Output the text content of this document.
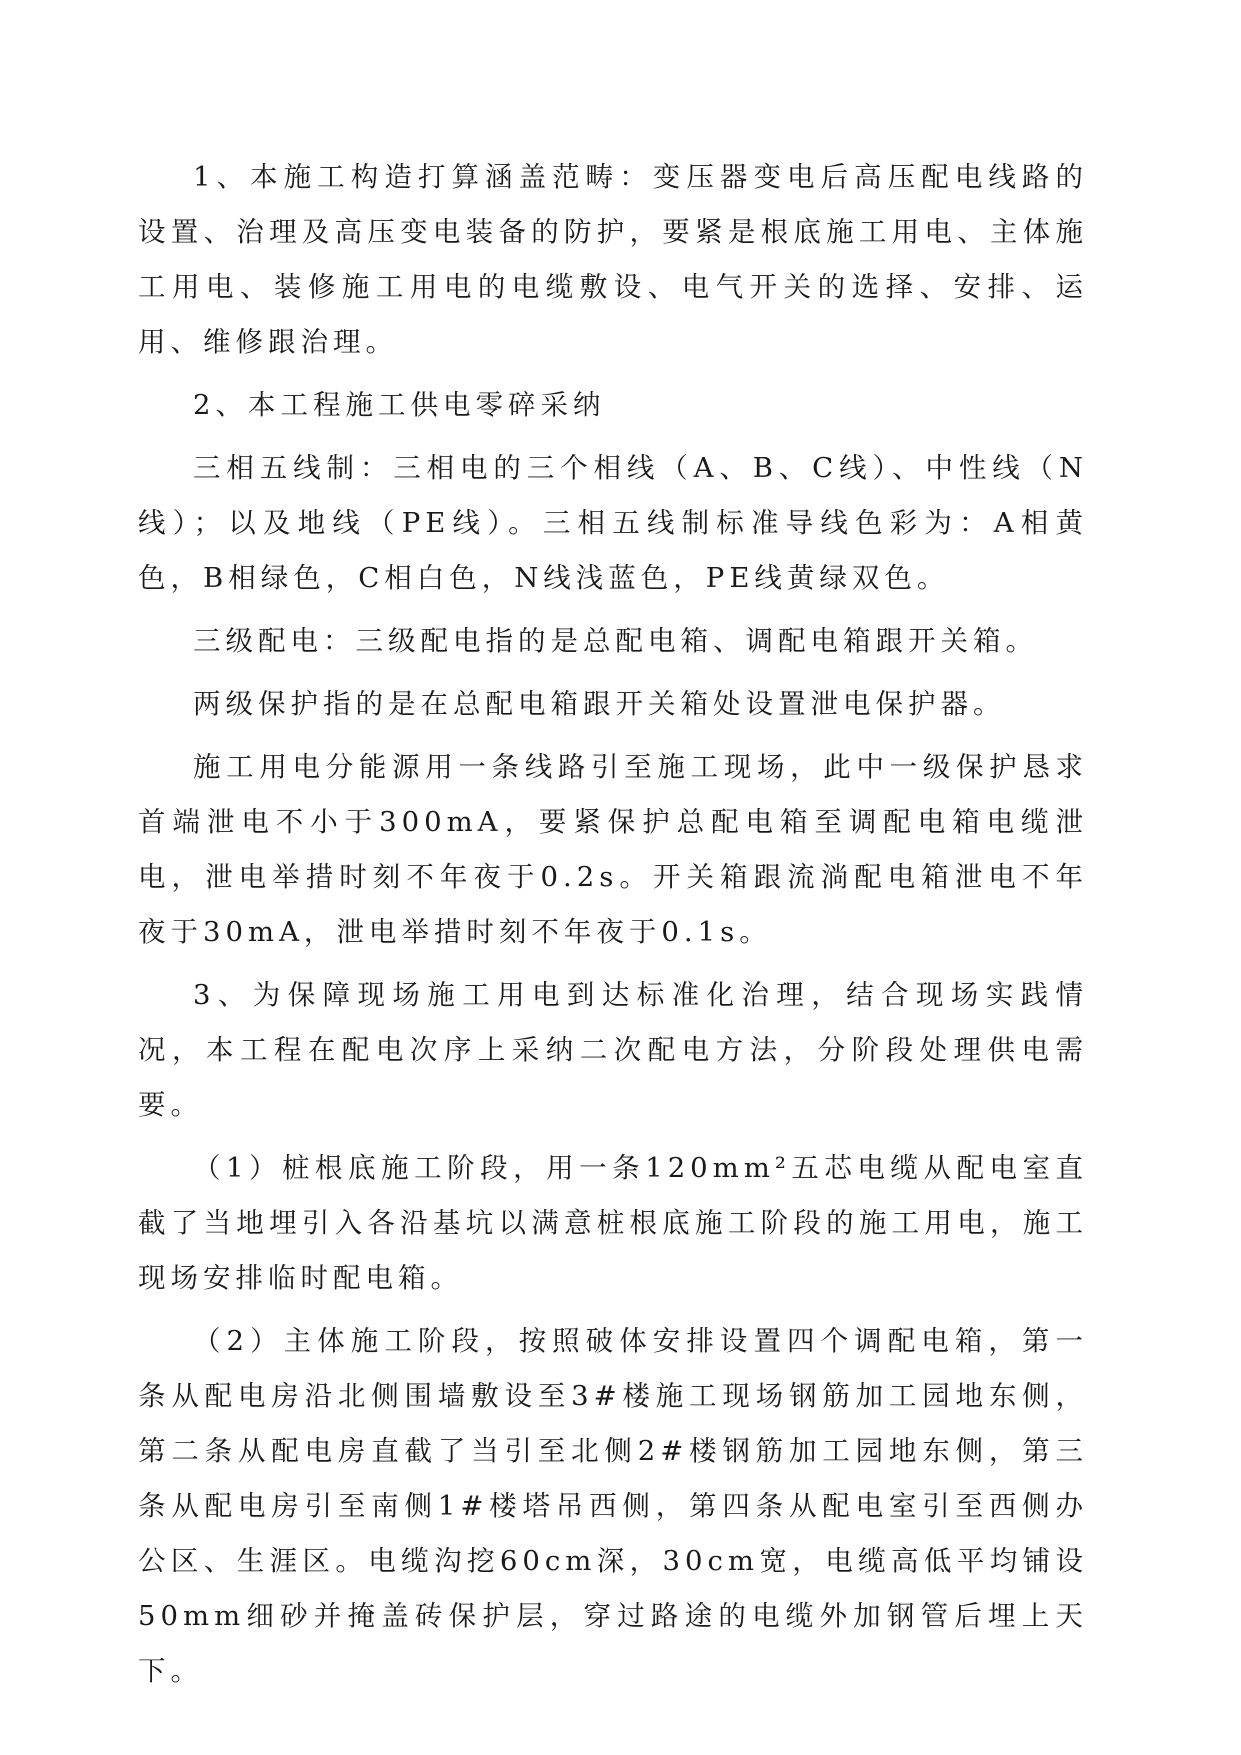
1、本施工构造打算涵盖范畴：变压器变电后高压配电线路的设置、治理及高压变电装备的防护，要紧是根底施工用电、主体施工用电、装修施工用电的电缆敷设、电气开关的选择、安排、运用、维修跟治理。

2、本工程施工供电零碎采纳

三相五线制：三相电的三个相线（A、B、C线）、中性线（N线）；以及地线（PE线）。三相五线制标准导线色彩为：A相黄色，B相绿色，C相白色，N线浅蓝色，PE线黄绿双色。

三级配电：三级配电指的是总配电箱、调配电箱跟开关箱。

两级保护指的是在总配电箱跟开关箱处设置泄电保护器。

施工用电分能源用一条线路引至施工现场，此中一级保护恳求首端泄电不小于300mA，要紧保护总配电箱至调配电箱电缆泄电，泄电举措时刻不年夜于0.2s。开关箱跟流淌配电箱泄电不年夜于30mA，泄电举措时刻不年夜于0.1s。

3、为保障现场施工用电到达标准化治理，结合现场实践情况，本工程在配电次序上采纳二次配电方法，分阶段处理供电需要。

（1）桩根底施工阶段，用一条120mm²五芯电缆从配电室直截了当地埋引入各沿基坑以满意桩根底施工阶段的施工用电，施工现场安排临时配电箱。

（2）主体施工阶段，按照破体安排设置四个调配电箱，第一条从配电房沿北侧围墙敷设至3#楼施工现场钢筋加工园地东侧，第二条从配电房直截了当引至北侧2#楼钢筋加工园地东侧，第三条从配电房引至南侧1#楼塔吊西侧，第四条从配电室引至西侧办公区、生涯区。电缆沟挖60cm深，30cm宽，电缆高低平均铺设50mm细砂并掩盖砖保护层，穿过路途的电缆外加钢管后埋上天下。
